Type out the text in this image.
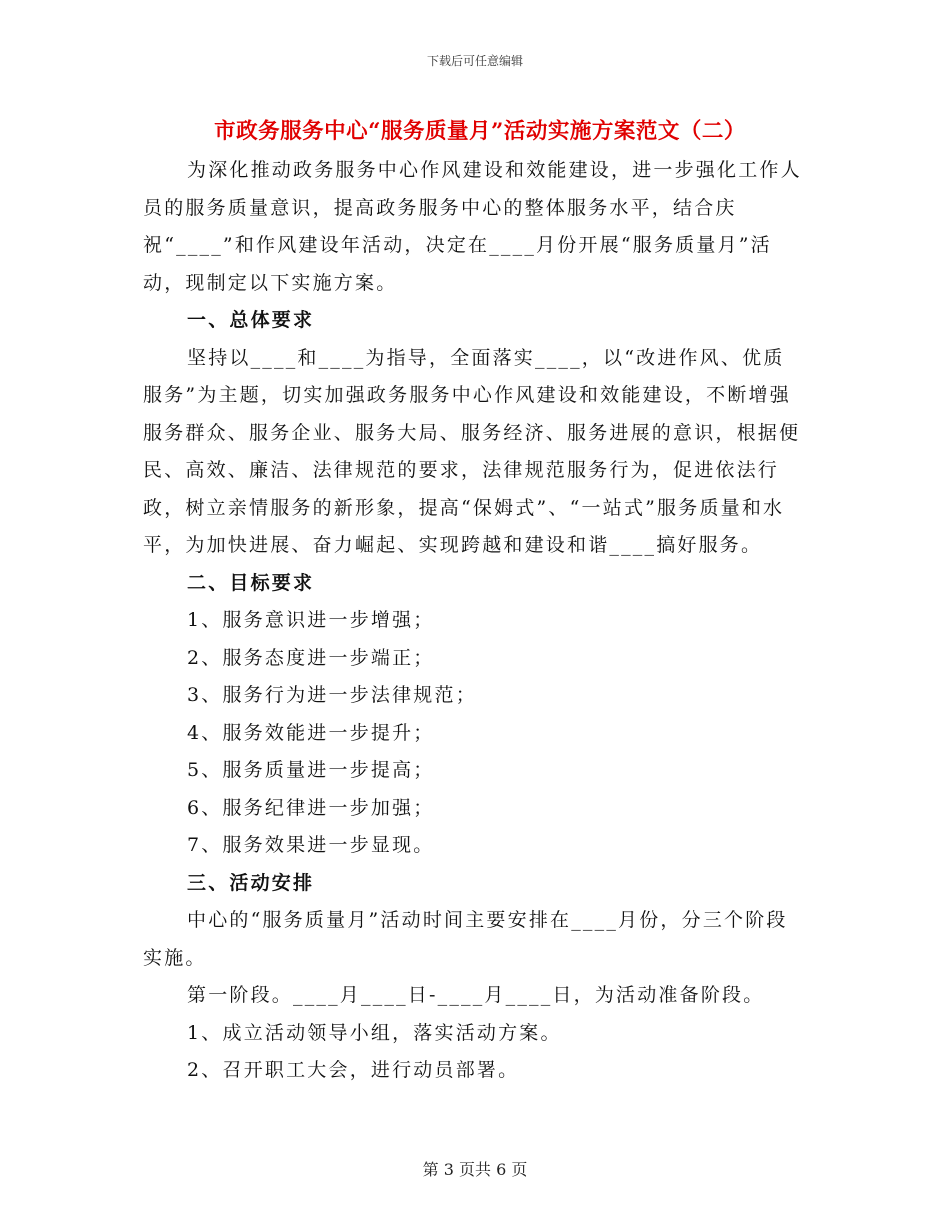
下载后可任意编辑
市政务服务中心“服务质量月”活动实施方案范文（二）

为深化推动政务服务中心作风建设和效能建设，进一步强化工作人员的服务质量意识，提高政务服务中心的整体服务水平，结合庆祝“____”和作风建设年活动，决定在____月份开展“服务质量月”活动，现制定以下实施方案。

一、总体要求

坚持以____和____为指导，全面落实____，以“改进作风、优质服务”为主题，切实加强政务服务中心作风建设和效能建设，不断增强服务群众、服务企业、服务大局、服务经济、服务进展的意识，根据便民、高效、廉洁、法律规范的要求，法律规范服务行为，促进依法行政，树立亲情服务的新形象，提高“保姆式”、“一站式”服务质量和水平，为加快进展、奋力崛起、实现跨越和建设和谐____搞好服务。

二、目标要求

1、服务意识进一步增强；

2、服务态度进一步端正；

3、服务行为进一步法律规范；

4、服务效能进一步提升；

5、服务质量进一步提高；

6、服务纪律进一步加强；

7、服务效果进一步显现。

三、活动安排

中心的“服务质量月”活动时间主要安排在____月份，分三个阶段实施。

第一阶段。____月____日-____月____日，为活动准备阶段。

1、成立活动领导小组，落实活动方案。

2、召开职工大会，进行动员部署。

第 3 页共 6 页
